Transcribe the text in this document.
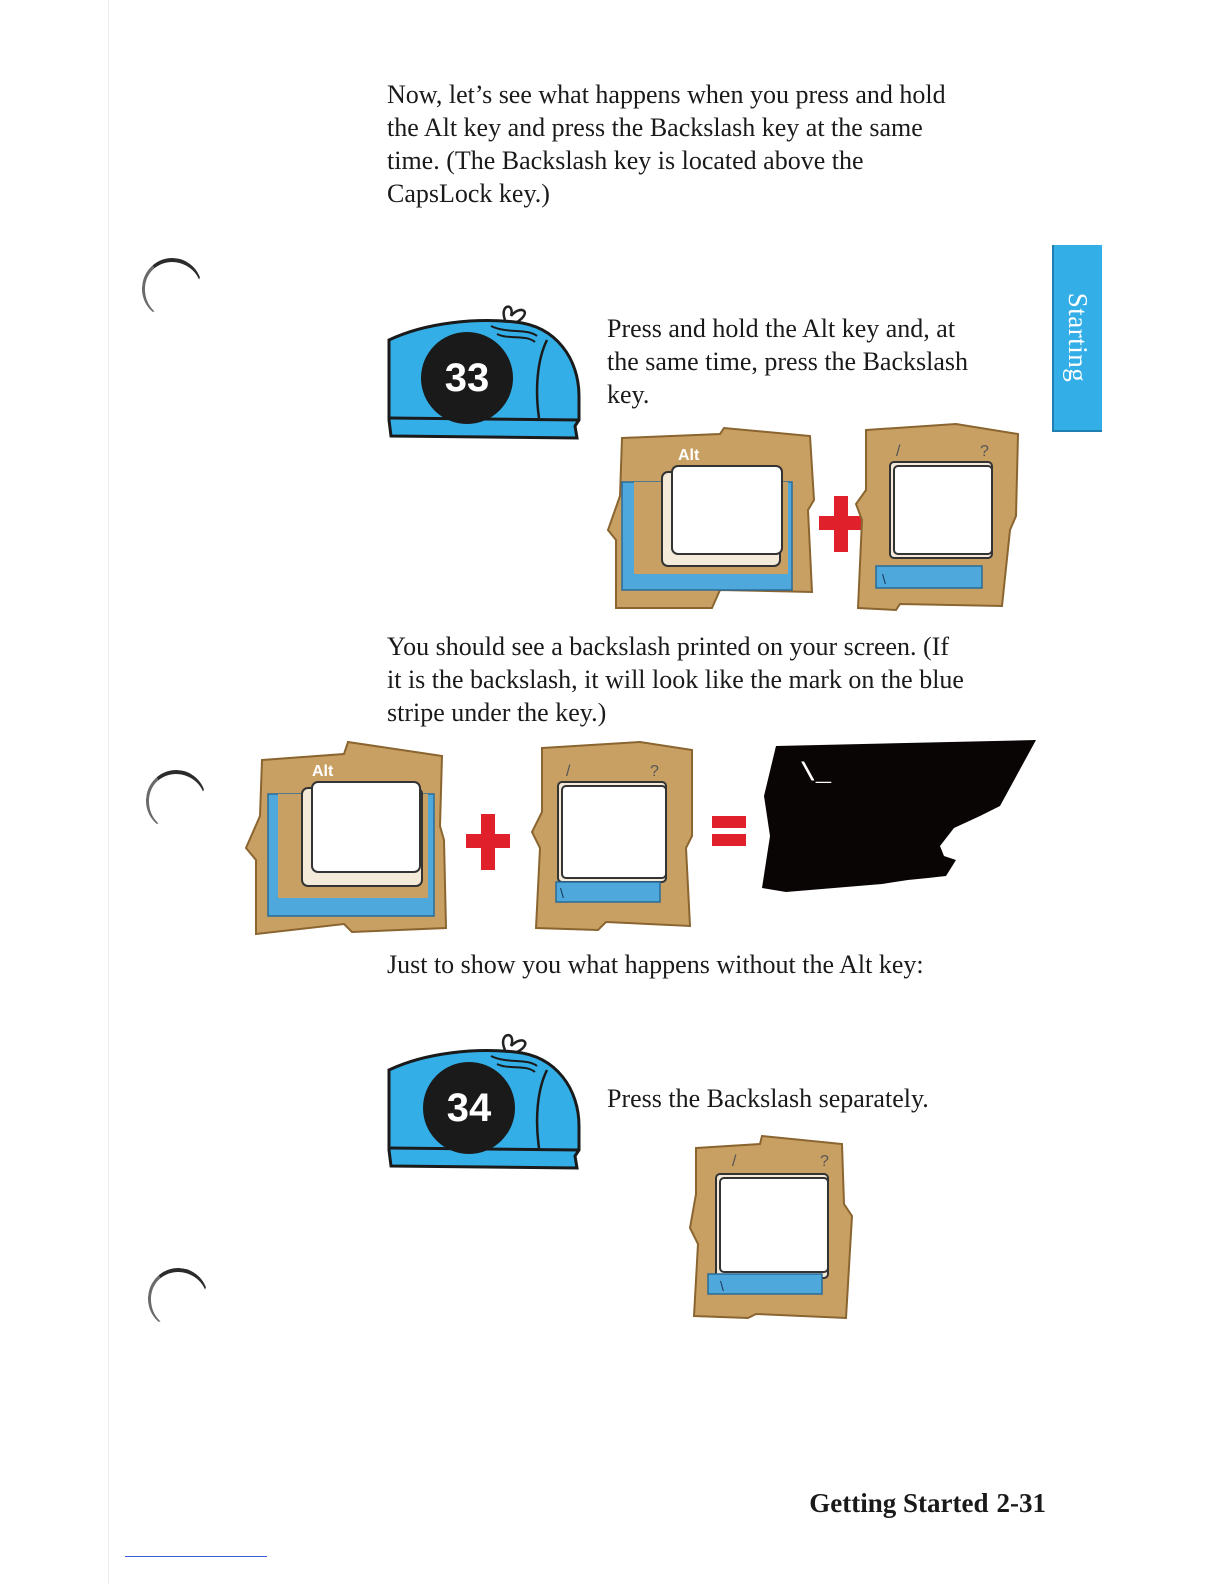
Starting
Now, let’s see what happens when you press and hold
the Alt key and press the Backslash key at the same
time. (The Backslash key is located above the
CapsLock key.)
33
Press and hold the Alt key and, at
the same time, press the Backslash
key.
Alt	/	?
\
You should see a backslash printed on your screen. (If
it is the backslash, it will look like the mark on the blue
stripe under the key.)
Alt	/	?
\
\_
Just to show you what happens without the Alt key:
34	Press the Backslash separately.
/	?
\
Getting Started 2-31
